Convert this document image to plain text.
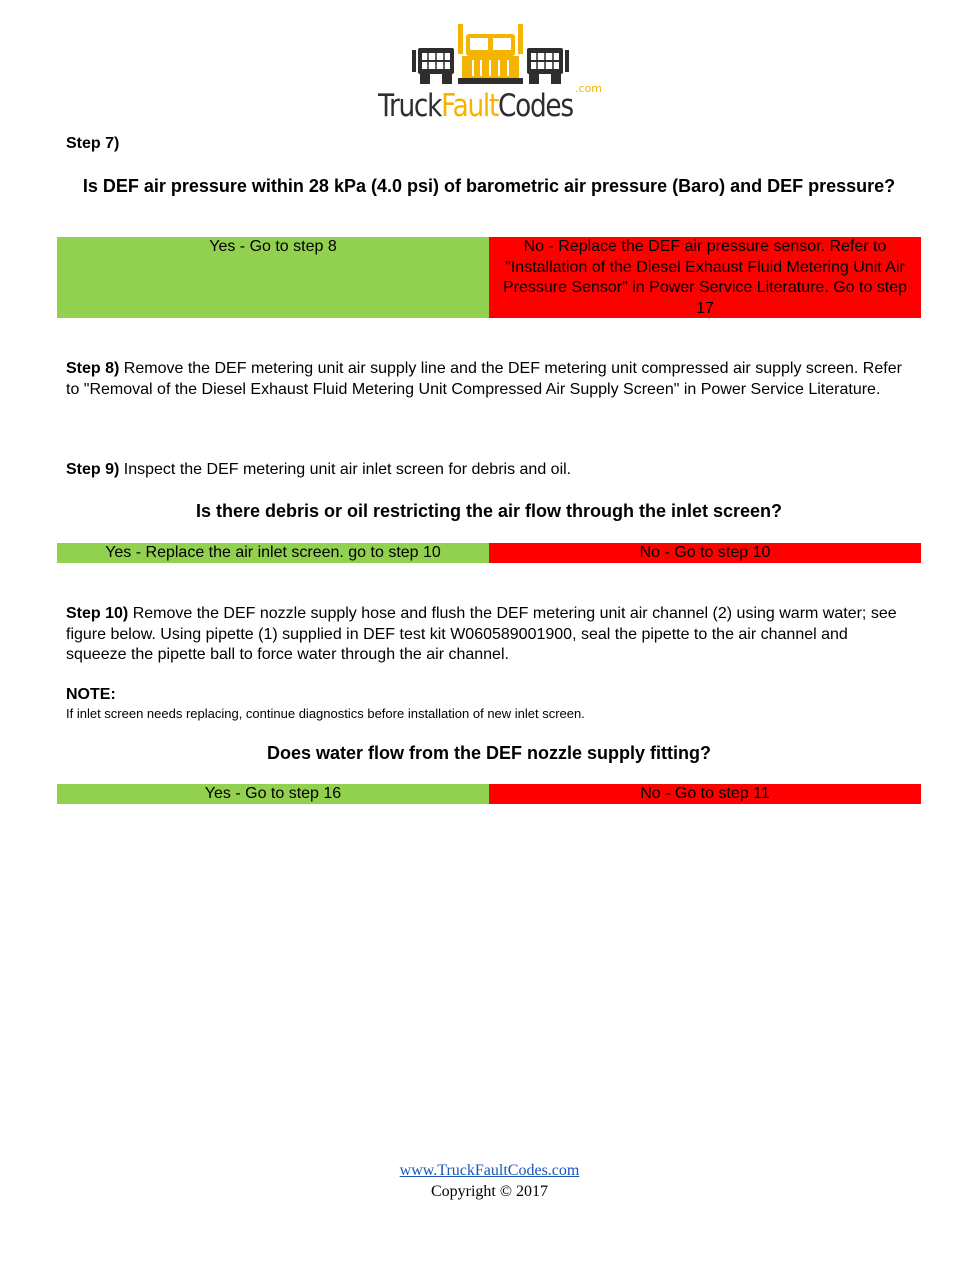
TruckFaultCodes .com
Step 7)
Is DEF air pressure within 28 kPa (4.0 psi) of barometric air pressure (Baro) and DEF pressure?
Yes - Go to step 8	No - Replace the DEF air pressure sensor. Refer to "Installation of the Diesel Exhaust Fluid Metering Unit Air Pressure Sensor" in Power Service Literature. Go to step 17
Step 8) Remove the DEF metering unit air supply line and the DEF metering unit compressed air supply screen. Refer to "Removal of the Diesel Exhaust Fluid Metering Unit Compressed Air Supply Screen" in Power Service Literature.
Step 9) Inspect the DEF metering unit air inlet screen for debris and oil.
Is there debris or oil restricting the air flow through the inlet screen?
Yes - Replace the air inlet screen. go to step 10	No - Go to step 10
Step 10) Remove the DEF nozzle supply hose and flush the DEF metering unit air channel (2) using warm water; see figure below. Using pipette (1) supplied in DEF test kit W060589001900, seal the pipette to the air channel and squeeze the pipette ball to force water through the air channel.
NOTE:
If inlet screen needs replacing, continue diagnostics before installation of new inlet screen.
Does water flow from the DEF nozzle supply fitting?
Yes - Go to step 16	No - Go to step 11
www.TruckFaultCodes.com
Copyright © 2017
